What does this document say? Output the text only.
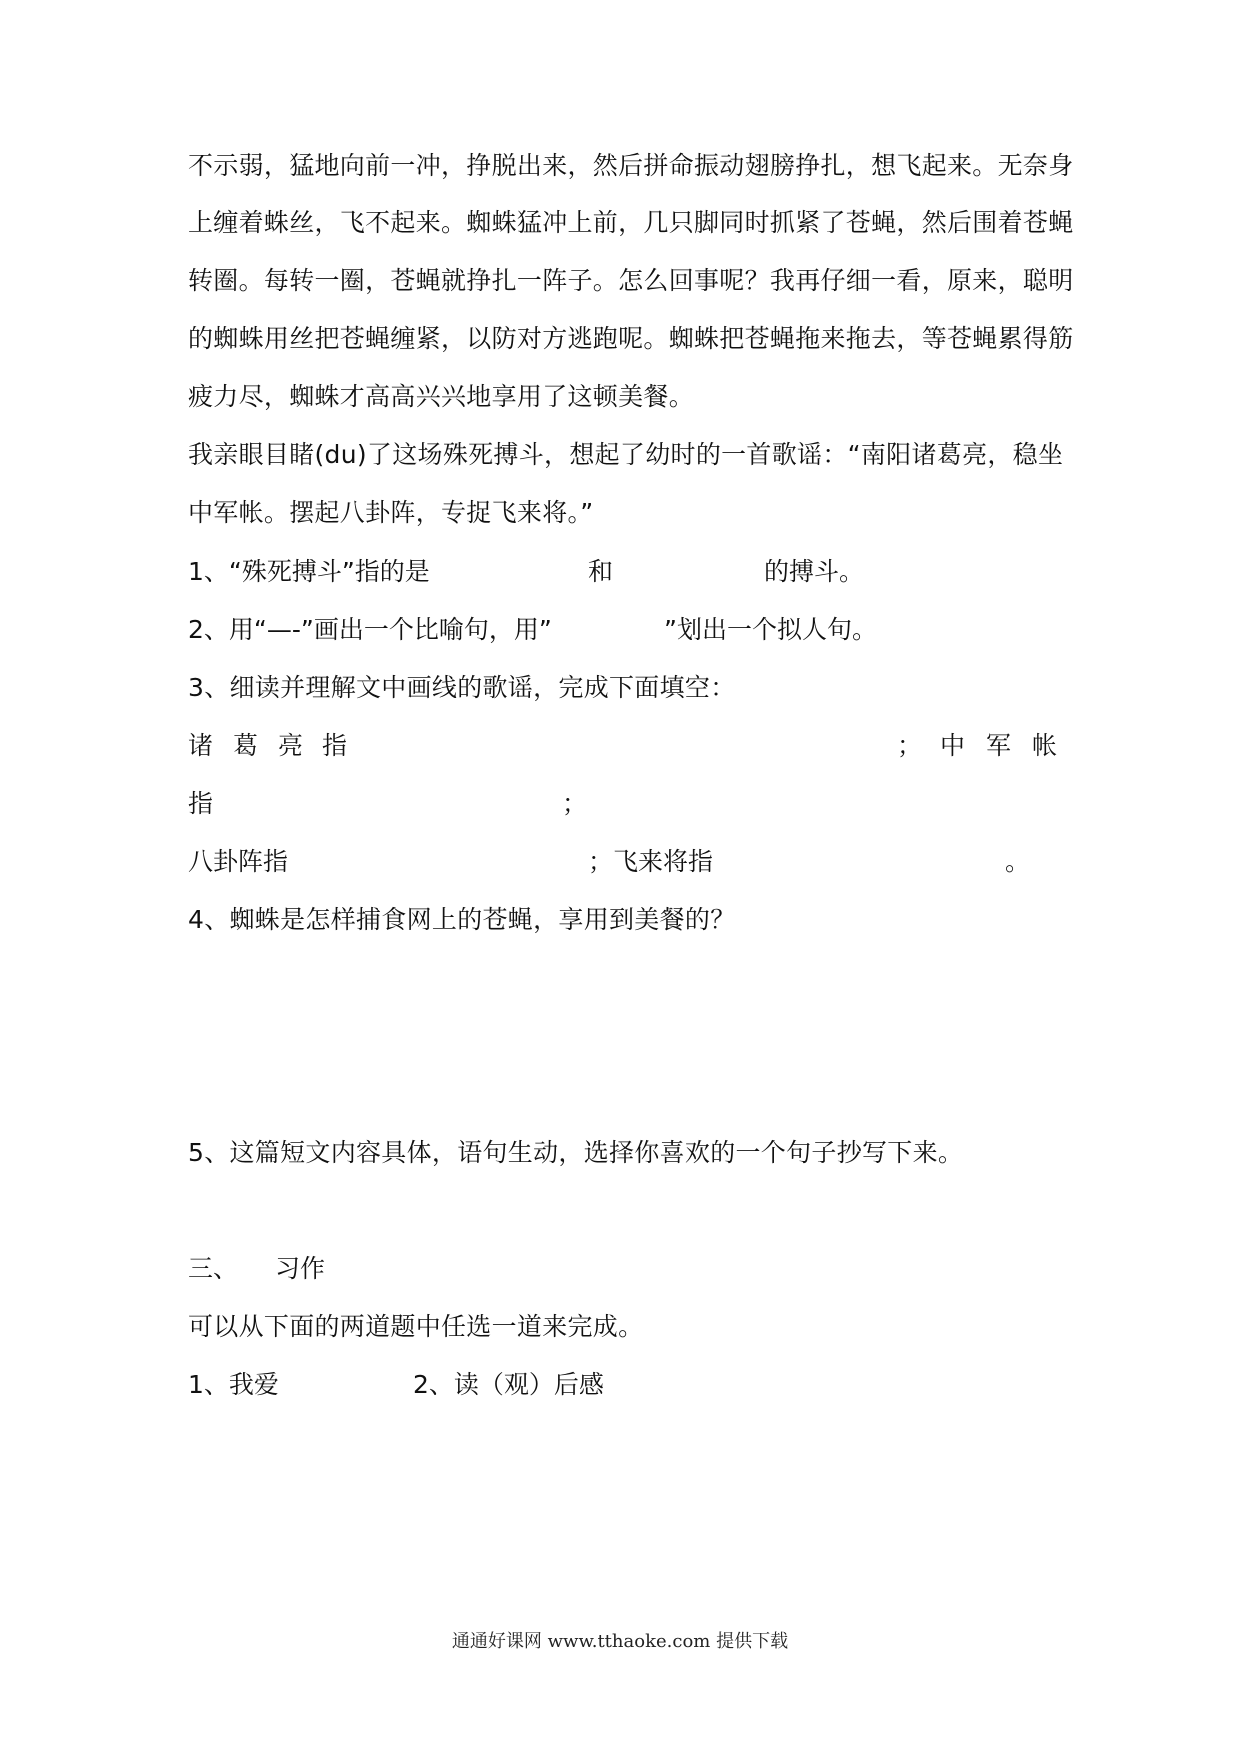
不示弱，猛地向前一冲，挣脱出来，然后拼命振动翅膀挣扎，想飞起来。无奈身
上缠着蛛丝，飞不起来。蜘蛛猛冲上前，几只脚同时抓紧了苍蝇，然后围着苍蝇
转圈。每转一圈，苍蝇就挣扎一阵子。怎么回事呢？我再仔细一看，原来，聪明
的蜘蛛用丝把苍蝇缠紧，以防对方逃跑呢。蜘蛛把苍蝇拖来拖去，等苍蝇累得筋
疲力尽，蜘蛛才高高兴兴地享用了这顿美餐。
我亲眼目睹(du)了这场殊死搏斗，想起了幼时的一首歌谣：“南阳诸葛亮，稳坐
中军帐。摆起八卦阵，专捉飞来将。”
1、“殊死搏斗”指的是	和	的搏斗。
2、用“—-”画出一个比喻句，用”	”划出一个拟人句。
3、细读并理解文中画线的歌谣，完成下面填空：
诸 葛 亮 指	； 中 军 帐
指	；
八卦阵指	；飞来将指	。
4、蜘蛛是怎样捕食网上的苍蝇，享用到美餐的？
5、这篇短文内容具体，语句生动，选择你喜欢的一个句子抄写下来。
三、 习作
可以从下面的两道题中任选一道来完成。
1、我爱	2、读（观）后感
通通好课网 www.tthaoke.com 提供下载
